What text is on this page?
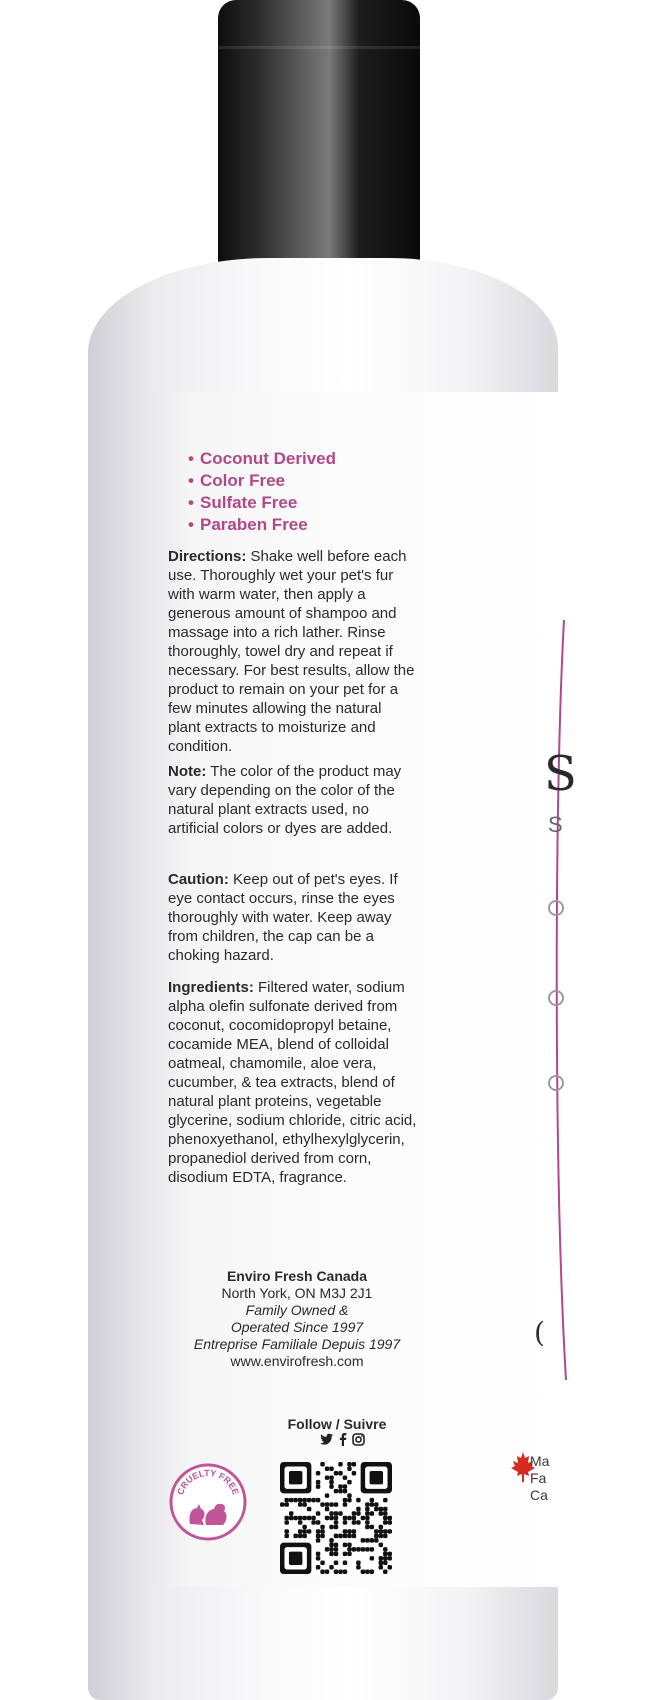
S
S
(
• Coconut Derived
• Color Free
• Sulfate Free
• Paraben Free
Directions: Shake well before each use. Thoroughly wet your pet's fur with warm water, then apply a generous amount of shampoo and massage into a rich lather. Rinse thoroughly, towel dry and repeat if necessary. For best results, allow the product to remain on your pet for a few minutes allowing the natural plant extracts to moisturize and condition.
Note: The color of the product may vary depending on the color of the natural plant extracts used, no artificial colors or dyes are added.
Caution: Keep out of pet's eyes. If eye contact occurs, rinse the eyes thoroughly with water. Keep away from children, the cap can be a choking hazard.
Ingredients: Filtered water, sodium alpha olefin sulfonate derived from coconut, cocomidopropyl betaine, cocamide MEA, blend of colloidal oatmeal, chamomile, aloe vera, cucumber, & tea extracts, blend of natural plant proteins, vegetable glycerine, sodium chloride, citric acid, phenoxyethanol, ethylhexylglycerin, propanediol derived from corn, disodium EDTA, fragrance.
Enviro Fresh Canada
North York, ON M3J 2J1
Family Owned &
Operated Since 1997
Entreprise Familiale Depuis 1997
www.envirofresh.com
Follow / Suivre
CRUELTY FREE
Ma
Fa
Ca
